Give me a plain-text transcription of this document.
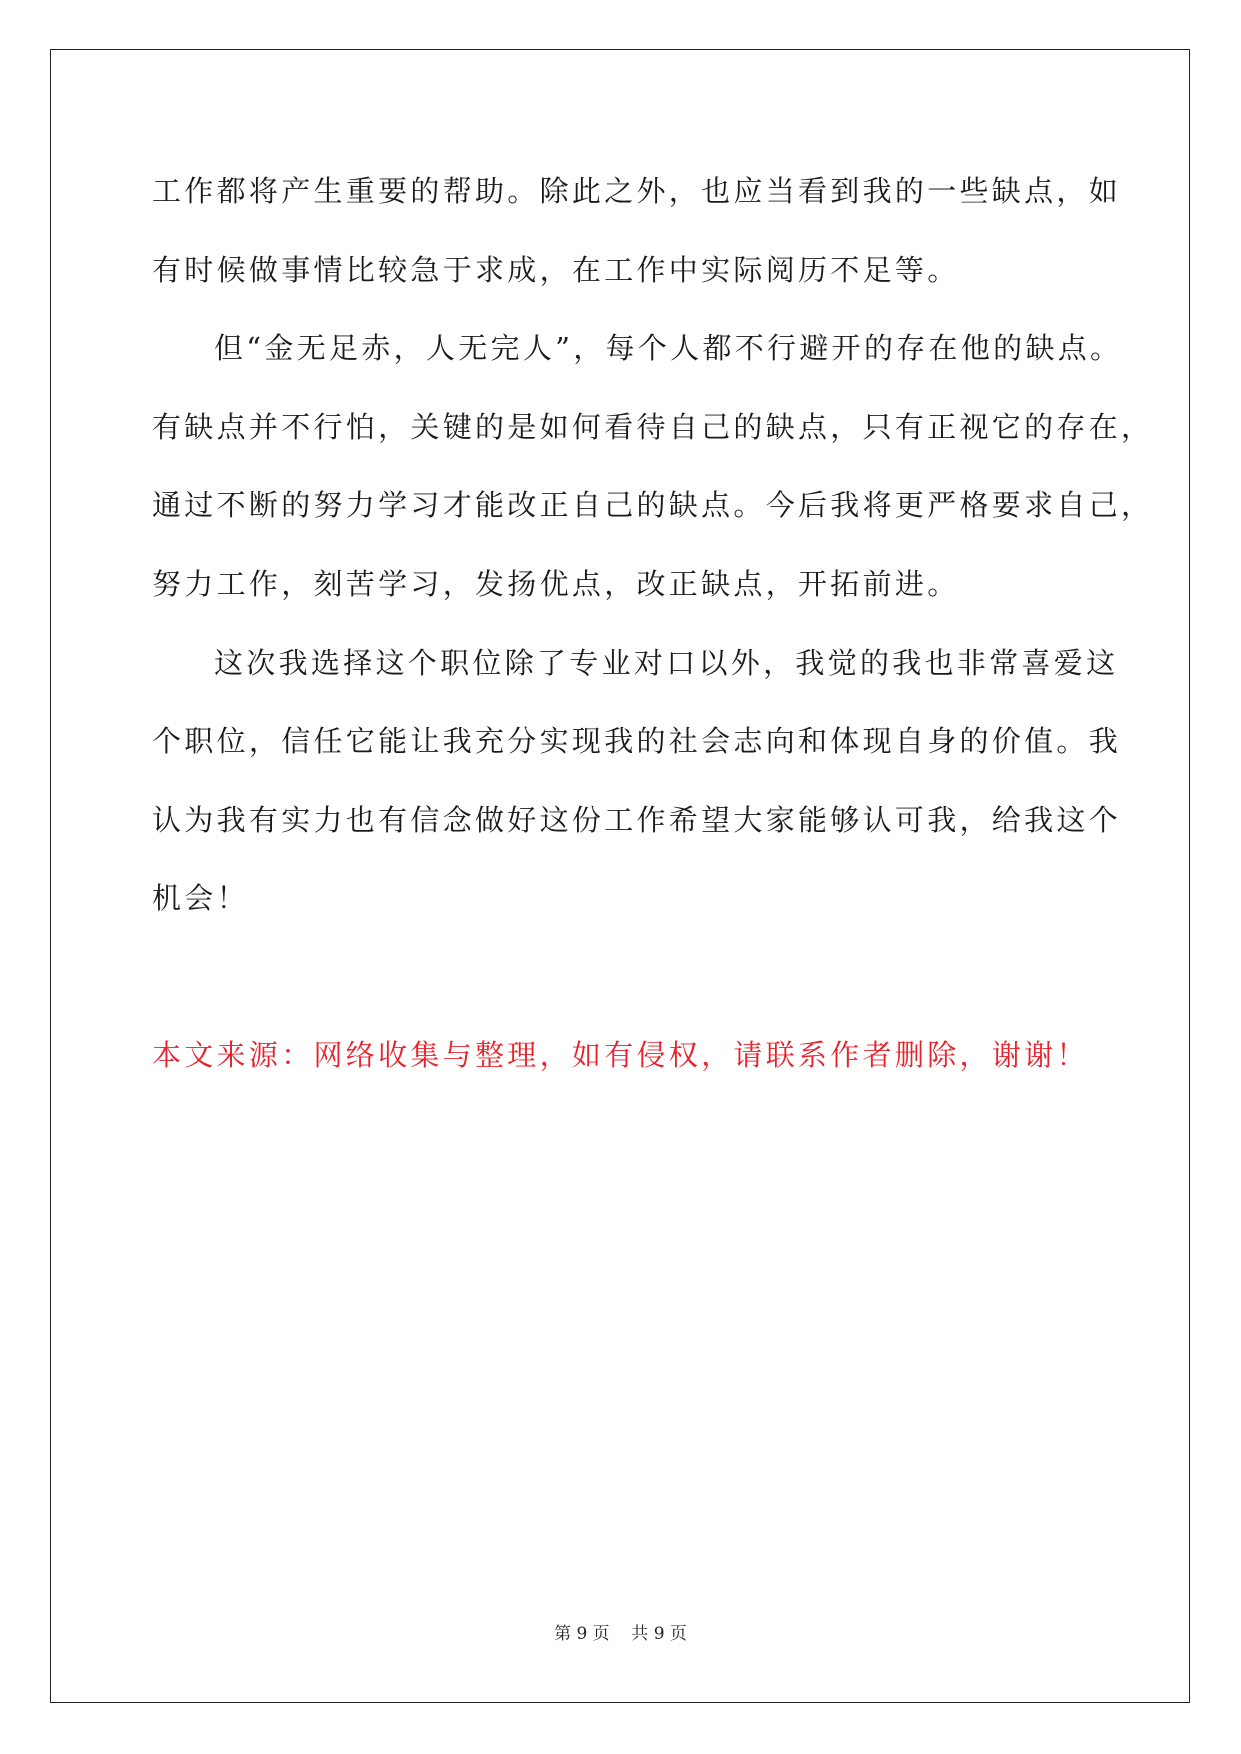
工作都将产生重要的帮助。除此之外，也应当看到我的一些缺点，如
有时候做事情比较急于求成，在工作中实际阅历不足等。
但“金无足赤，人无完人”，每个人都不行避开的存在他的缺点。
有缺点并不行怕，关键的是如何看待自己的缺点，只有正视它的存在，
通过不断的努力学习才能改正自己的缺点。今后我将更严格要求自己，
努力工作，刻苦学习，发扬优点，改正缺点，开拓前进。
这次我选择这个职位除了专业对口以外，我觉的我也非常喜爱这
个职位，信任它能让我充分实现我的社会志向和体现自身的价值。我
认为我有实力也有信念做好这份工作希望大家能够认可我，给我这个
机会！
本文来源：网络收集与整理，如有侵权，请联系作者删除，谢谢！
第 9 页    共 9 页
